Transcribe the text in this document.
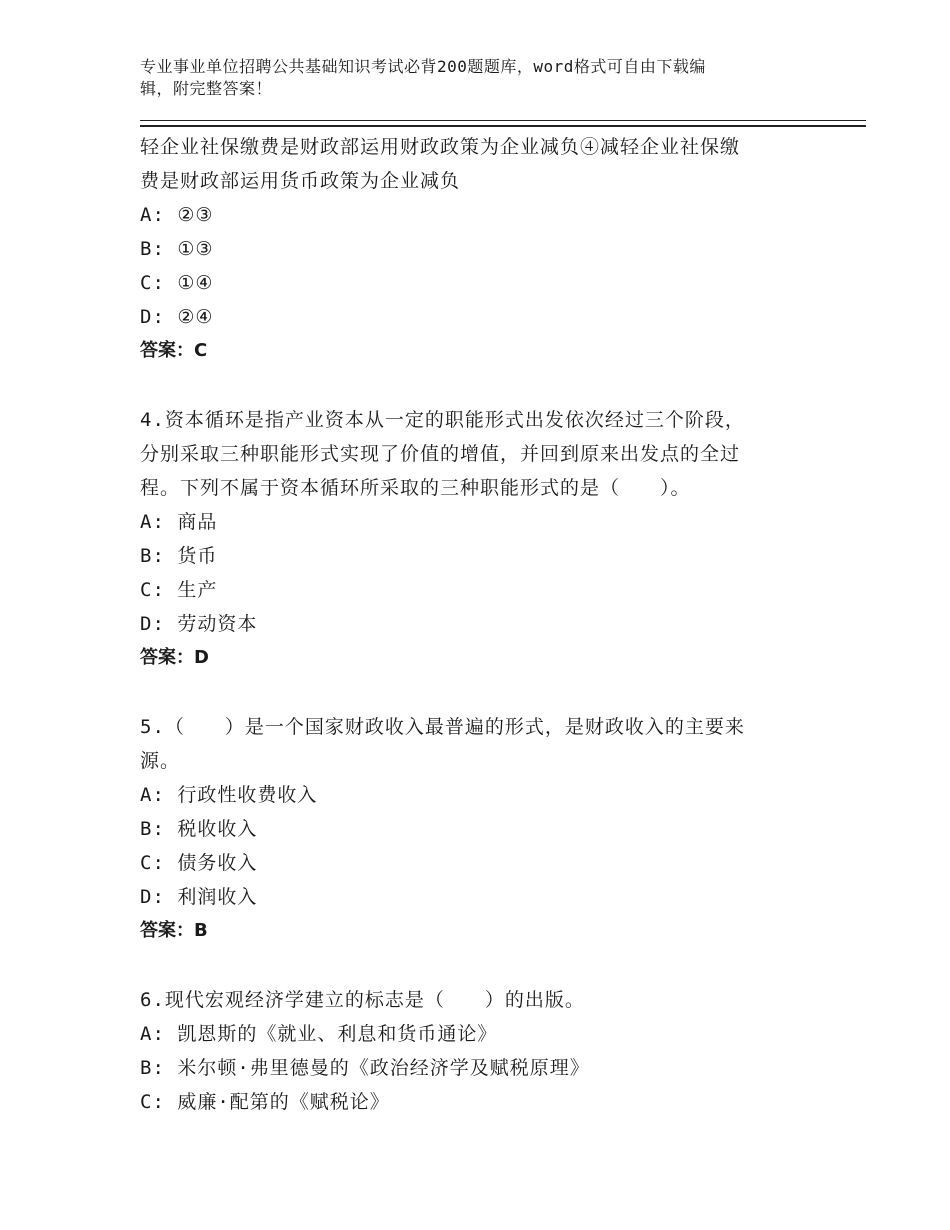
专业事业单位招聘公共基础知识考试必背200题题库，word格式可自由下载编
辑，附完整答案！
轻企业社保缴费是财政部运用财政政策为企业减负④减轻企业社保缴
费是财政部运用货币政策为企业减负
A: ②③
B: ①③
C: ①④
D: ②④
答案：C
4.资本循环是指产业资本从一定的职能形式出发依次经过三个阶段，
分别采取三种职能形式实现了价值的增值，并回到原来出发点的全过
程。下列不属于资本循环所采取的三种职能形式的是（　　）。
A: 商品
B: 货币
C: 生产
D: 劳动资本
答案：D
5.（　　）是一个国家财政收入最普遍的形式，是财政收入的主要来
源。
A: 行政性收费收入
B: 税收收入
C: 债务收入
D: 利润收入
答案：B
6.现代宏观经济学建立的标志是（　　）的出版。
A: 凯恩斯的《就业、利息和货币通论》
B: 米尔顿·弗里德曼的《政治经济学及赋税原理》
C: 威廉·配第的《赋税论》
